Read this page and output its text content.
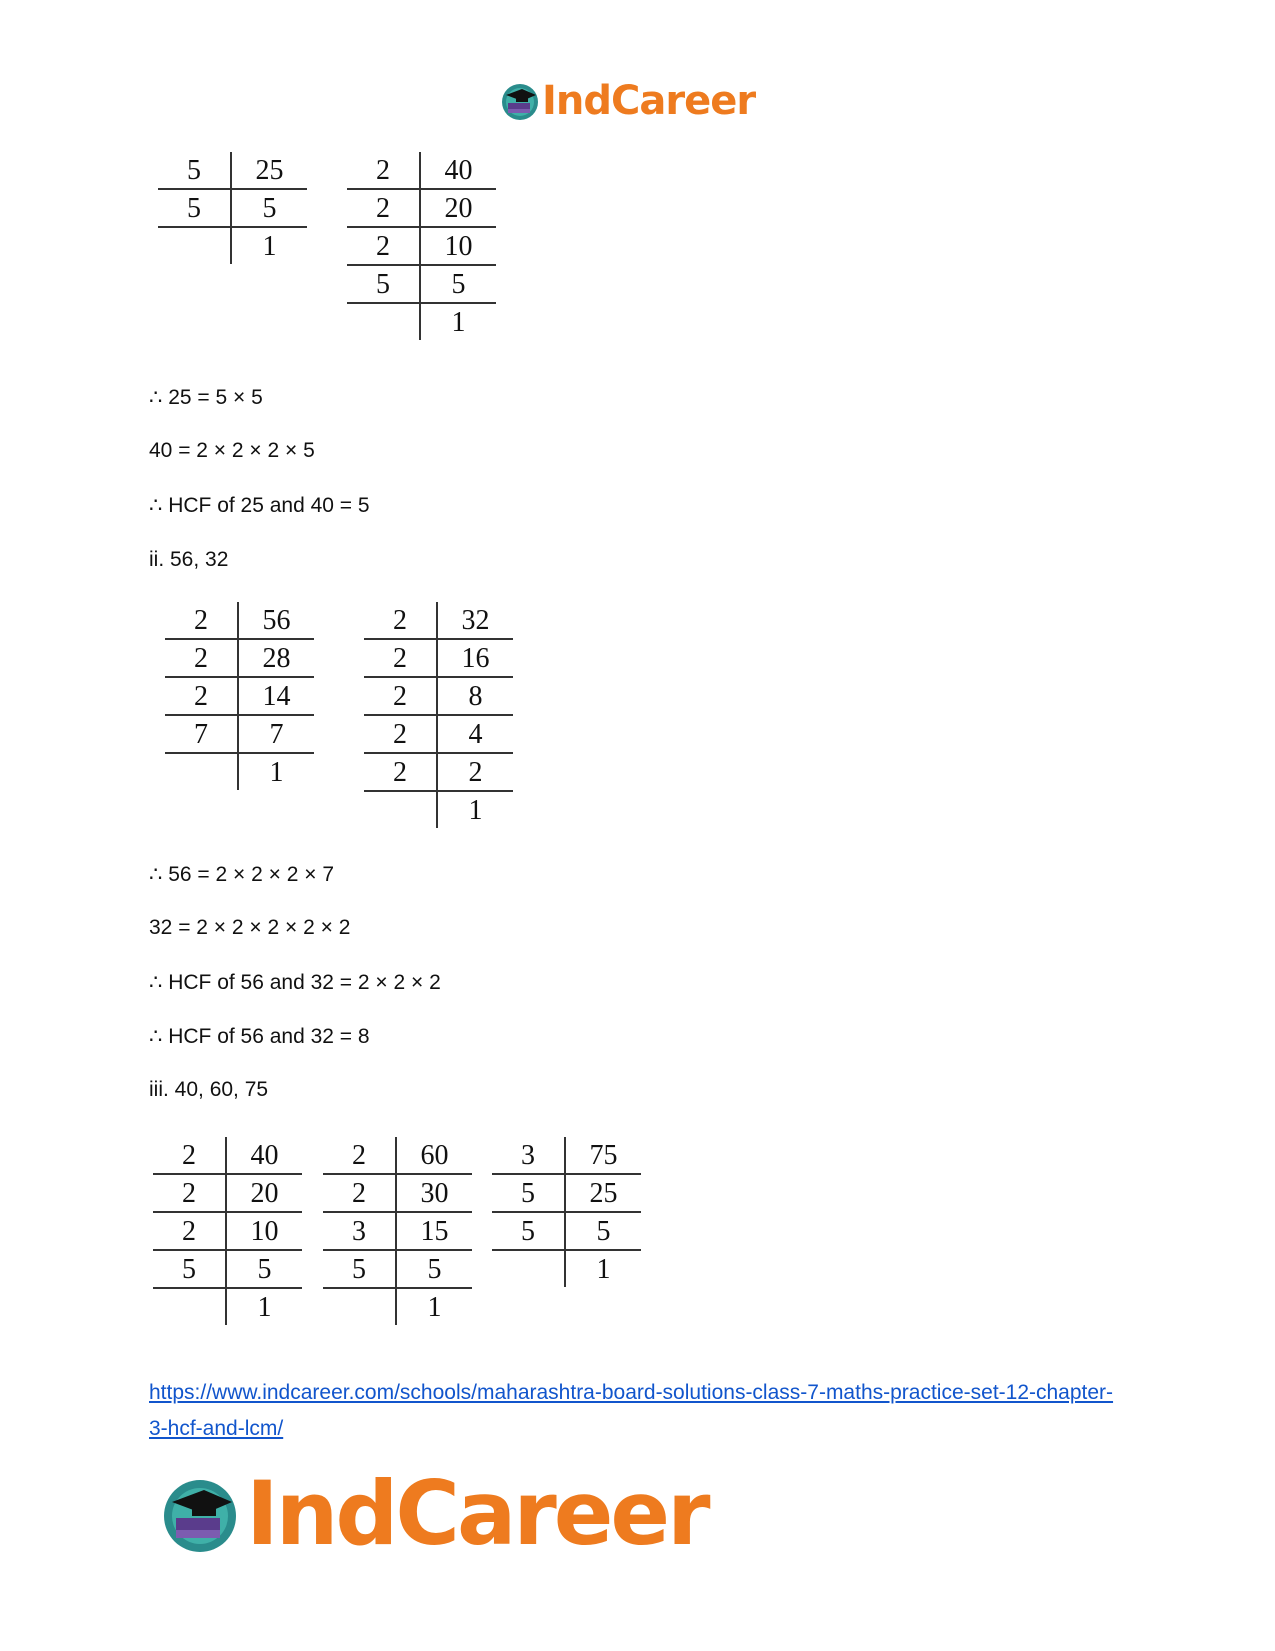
IndCareer
5	25
5	5
	1
2	40
2	20
2	10
5	5
	1
∴ 25 = 5 × 5
40 = 2 × 2 × 2 × 5
∴ HCF of 25 and 40 = 5
ii. 56, 32
2	56
2	28
2	14
7	7
	1
2	32
2	16
2	8
2	4
2	2
	1
∴ 56 = 2 × 2 × 2 × 7
32 = 2 × 2 × 2 × 2 × 2
∴ HCF of 56 and 32 = 2 × 2 × 2
∴ HCF of 56 and 32 = 8
iii. 40, 60, 75
2	40
2	20
2	10
5	5
	1
2	60
2	30
3	15
5	5
	1
3	75
5	25
5	5
	1
https://www.indcareer.com/schools/maharashtra-board-solutions-class-7-maths-practice-set-12-chapter-3-hcf-and-lcm/
IndCareer
